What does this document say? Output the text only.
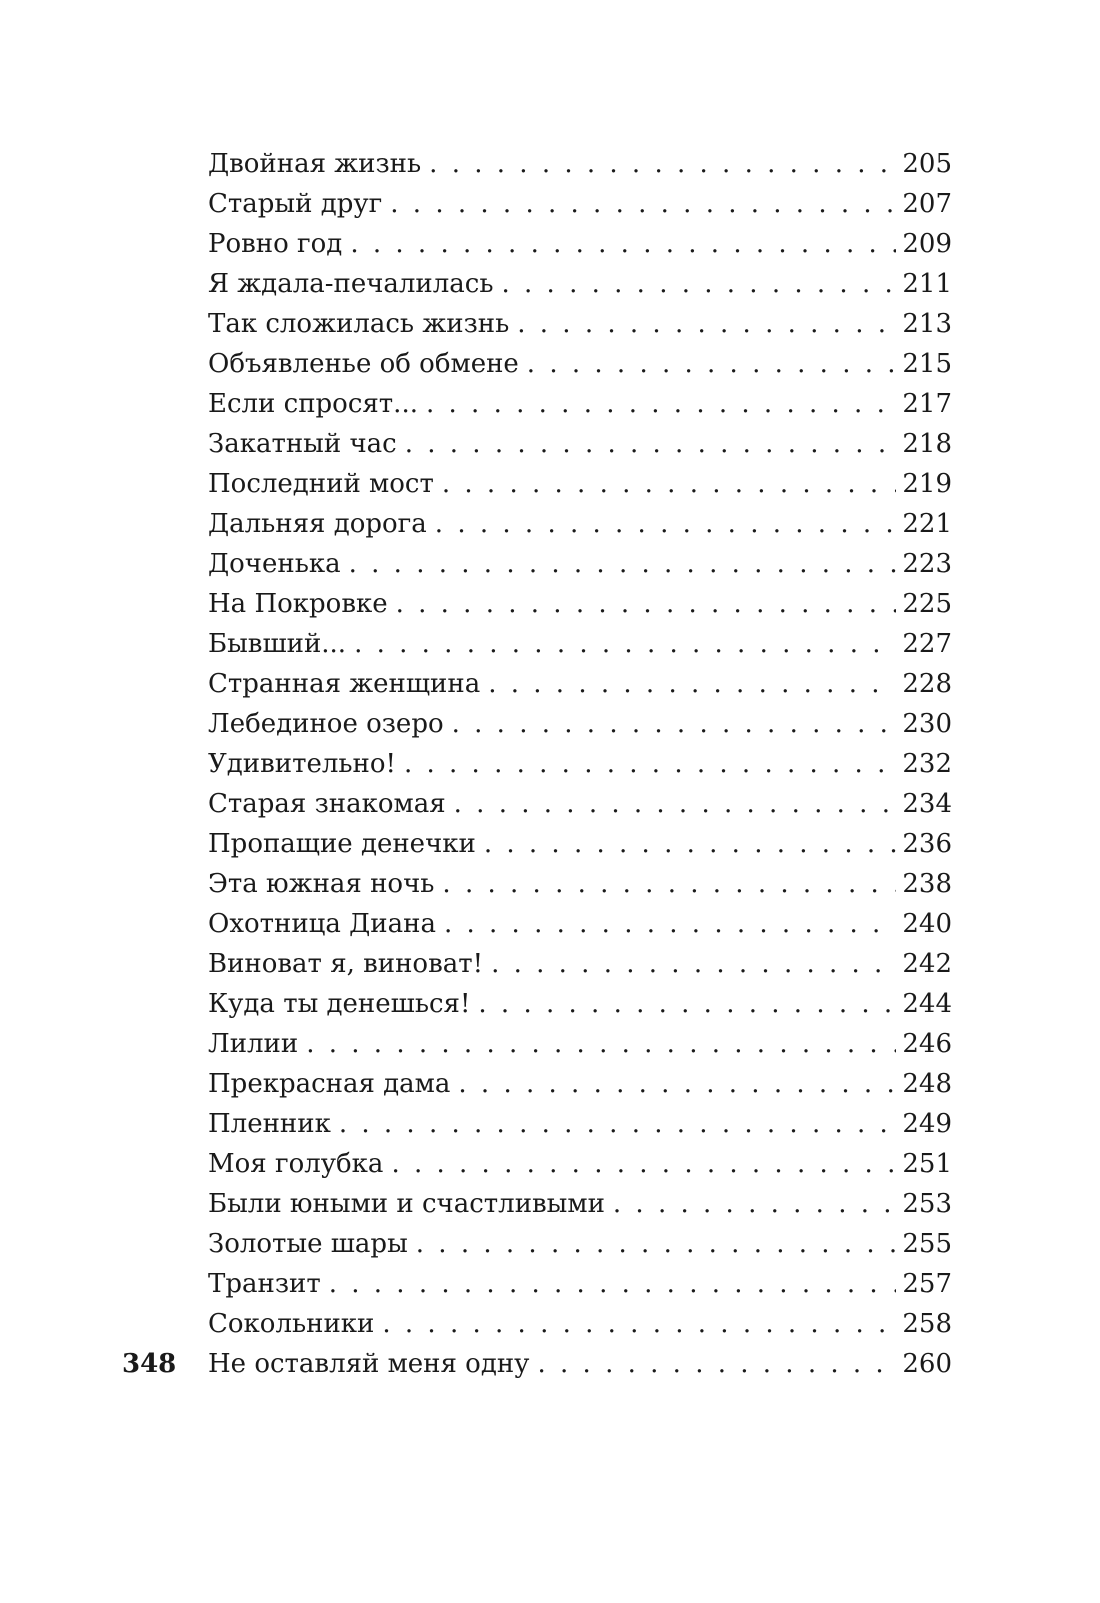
Двойная жизнь . . .	205
Старый друг . . .	207
Ровно год . . .	209
Я ждала-печалилась . . .	211
Так сложилась жизнь . . .	213
Объявленье об обмене . . .	215
Если спросят... . . .	217
Закатный час . . .	218
Последний мост . . .	219
Дальняя дорога . . .	221
Доченька . . .	223
На Покровке . . .	225
Бывший... . . .	227
Странная женщина . . .	228
Лебединое озеро . . .	230
Удивительно! . . .	232
Старая знакомая . . .	234
Пропащие денечки . . .	236
Эта южная ночь . . .	238
Охотница Диана . . .	240
Виноват я, виноват! . . .	242
Куда ты денешься! . . .	244
Лилии . . .	246
Прекрасная дама . . .	248
Пленник . . .	249
Моя голубка . . .	251
Были юными и счастливыми . . .	253
Золотые шары . . .	255
Транзит . . .	257
Сокольники . . .	258
Не оставляй меня одну . . .	260
348
